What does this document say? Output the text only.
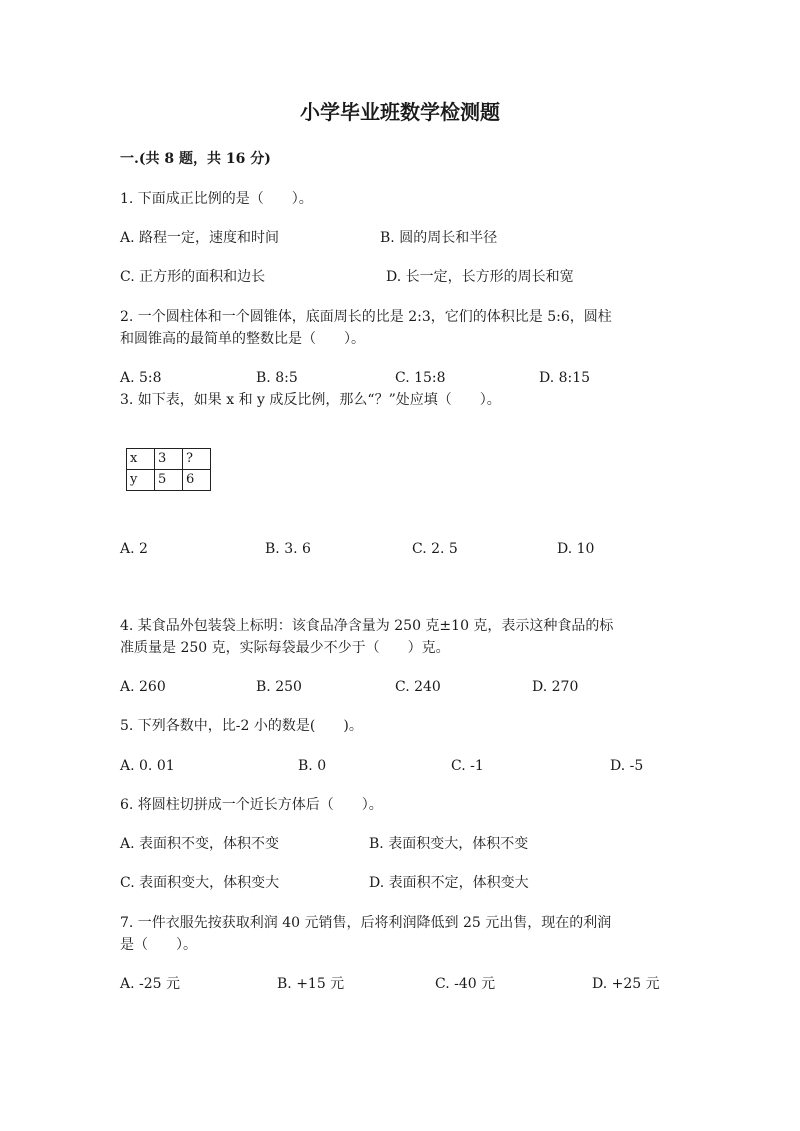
小学毕业班数学检测题
一.(共 8 题，共 16 分)
1. 下面成正比例的是（　　）。
A. 路程一定，速度和时间	B. 圆的周长和半径
C. 正方形的面积和边长	D. 长一定，长方形的周长和宽
2. 一个圆柱体和一个圆锥体，底面周长的比是 2:3，它们的体积比是 5:6，圆柱
和圆锥高的最简单的整数比是（　　）。
A. 5:8	B. 8:5	C. 15:8	D. 8:15
3. 如下表，如果 x 和 y 成反比例，那么“？”处应填（　　）。
x	3	?
y	5	6
A. 2	B. 3. 6	C. 2. 5	D. 10
4. 某食品外包装袋上标明：该食品净含量为 250 克±10 克，表示这种食品的标
准质量是 250 克，实际每袋最少不少于（　　）克。
A. 260	B. 250	C. 240	D. 270
5. 下列各数中，比-2 小的数是(　　)。
A. 0. 01	B. 0	C. -1	D. -5
6. 将圆柱切拼成一个近长方体后（　　）。
A. 表面积不变，体积不变	B. 表面积变大，体积不变
C. 表面积变大，体积变大	D. 表面积不定，体积变大
7. 一件衣服先按获取利润 40 元销售，后将利润降低到 25 元出售，现在的利润
是（　　）。
A. -25 元	B. +15 元	C. -40 元	D. +25 元
